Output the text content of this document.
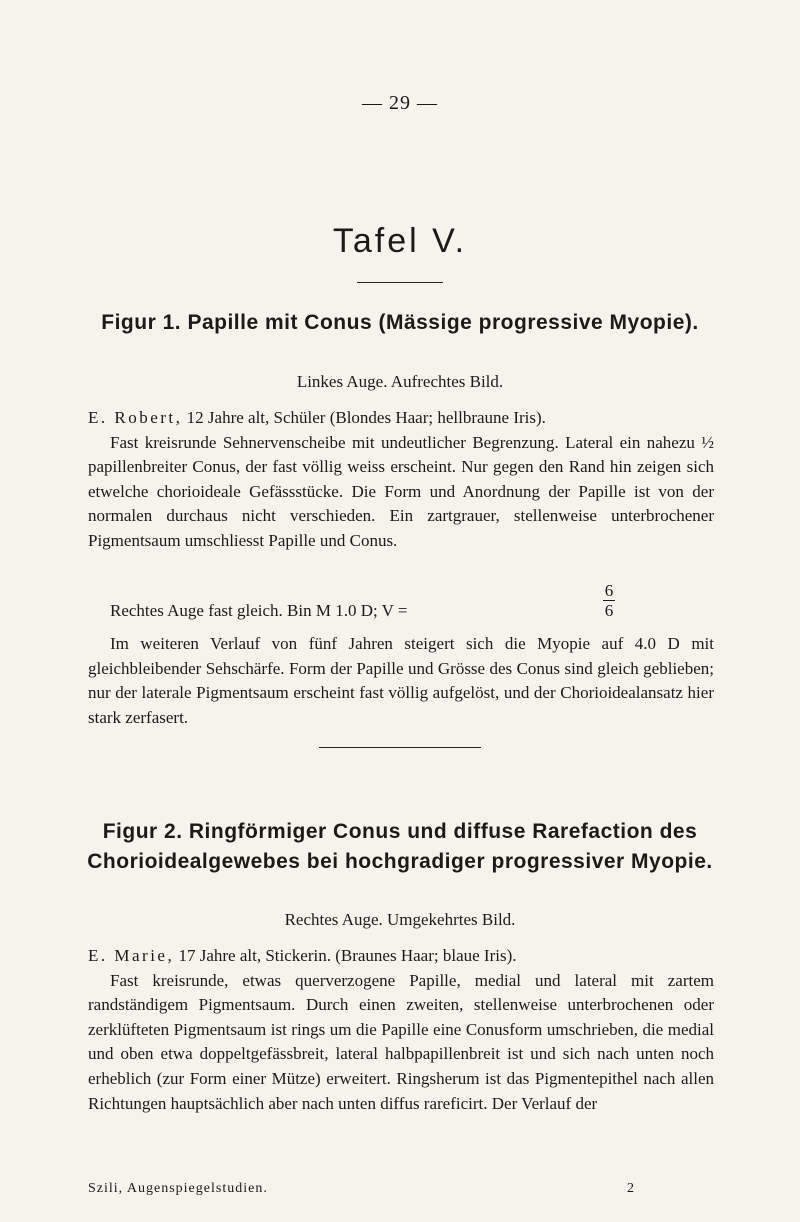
— 29 —
Tafel V.
Figur 1. Papille mit Conus (Mässige progressive Myopie).
Linkes Auge. Aufrechtes Bild.

E. Robert, 12 Jahre alt, Schüler (Blondes Haar; hellbraune Iris).

Fast kreisrunde Sehnervenscheibe mit undeutlicher Begrenzung. Lateral ein nahezu ½ papillenbreiter Conus, der fast völlig weiss erscheint. Nur gegen den Rand hin zeigen sich etwelche chorioideale Gefässstücke. Die Form und Anordnung der Papille ist von der normalen durchaus nicht verschieden. Ein zartgrauer, stellenweise unterbrochener Pigmentsaum umschliesst Papille und Conus.

Rechtes Auge fast gleich. Bin M 1.0 D; V =
6
6

Im weiteren Verlauf von fünf Jahren steigert sich die Myopie auf 4.0 D mit gleichbleibender Sehschärfe. Form der Papille und Grösse des Conus sind gleich geblieben; nur der laterale Pigmentsaum erscheint fast völlig aufgelöst, und der Chorioidealansatz hier stark zerfasert.

Figur 2. Ringförmiger Conus und diffuse Rarefaction des Chorioidealgewebes bei hochgradiger progressiver Myopie.
Rechtes Auge. Umgekehrtes Bild.

E. Marie, 17 Jahre alt, Stickerin. (Braunes Haar; blaue Iris).

Fast kreisrunde, etwas querverzogene Papille, medial und lateral mit zartem randständigem Pigmentsaum. Durch einen zweiten, stellenweise unterbrochenen oder zerklüfteten Pigmentsaum ist rings um die Papille eine Conusform umschrieben, die medial und oben etwa doppeltgefässbreit, lateral halbpapillenbreit ist und sich nach unten noch erheblich (zur Form einer Mütze) erweitert. Ringsherum ist das Pigmentepithel nach allen Richtungen hauptsächlich aber nach unten diffus rareficirt. Der Verlauf der

Szili, Augenspiegelstudien.	2
